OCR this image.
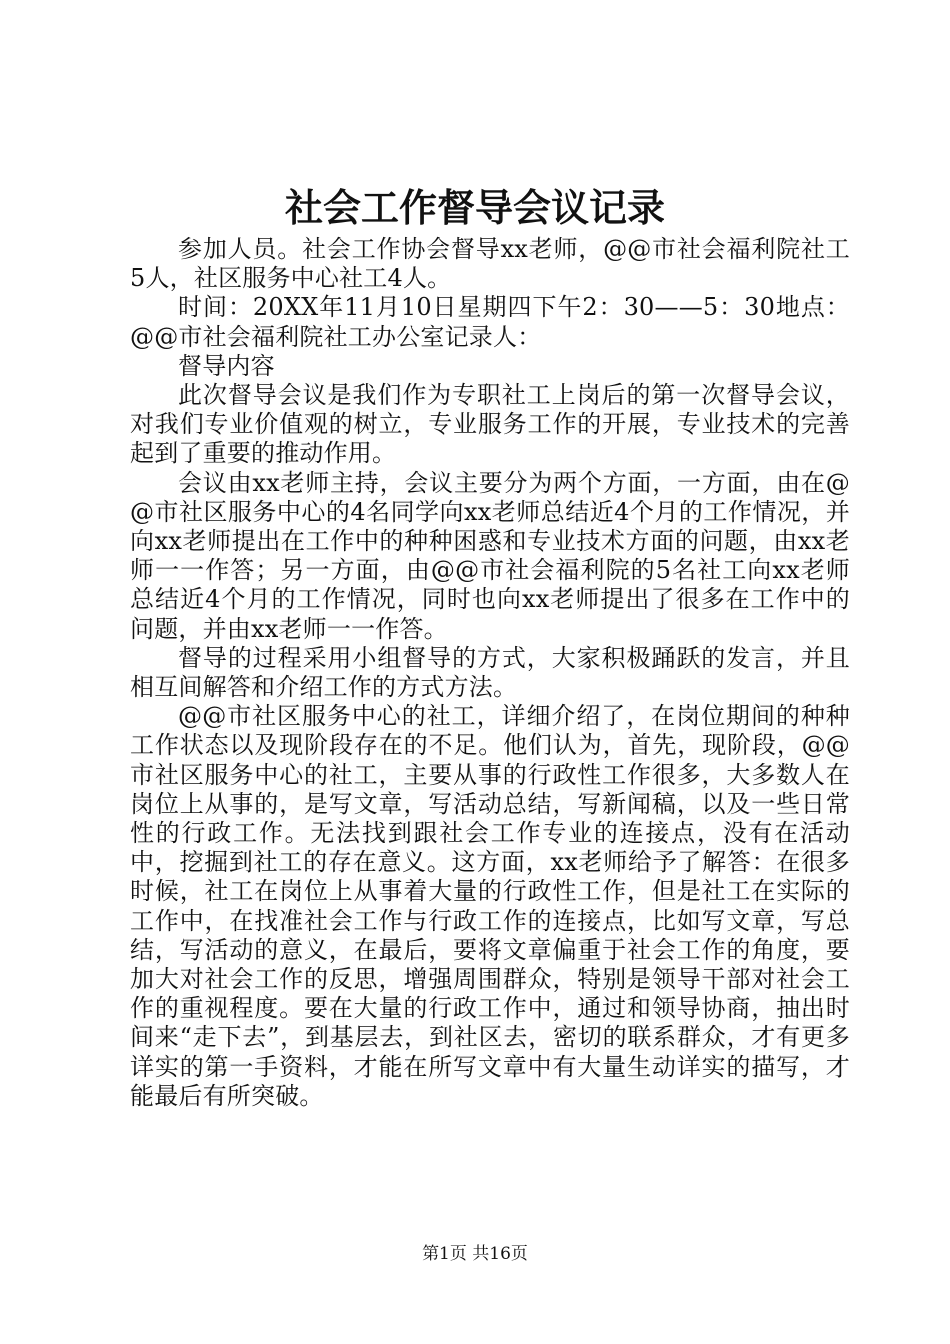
社会工作督导会议记录

参加人员。社会工作协会督导xx老师，@@市社会福利院社工5人，社区服务中心社工4人。

时间：20XX年11月10日星期四下午2：30——5：30地点：@@市社会福利院社工办公室记录人：

督导内容

此次督导会议是我们作为专职社工上岗后的第一次督导会议，对我们专业价值观的树立，专业服务工作的开展，专业技术的完善起到了重要的推动作用。

会议由xx老师主持，会议主要分为两个方面，一方面，由在@@市社区服务中心的4名同学向xx老师总结近4个月的工作情况，并向xx老师提出在工作中的种种困惑和专业技术方面的问题，由xx老师一一作答；另一方面，由@@市社会福利院的5名社工向xx老师总结近4个月的工作情况，同时也向xx老师提出了很多在工作中的问题，并由xx老师一一作答。

督导的过程采用小组督导的方式，大家积极踊跃的发言，并且相互间解答和介绍工作的方式方法。

@@市社区服务中心的社工，详细介绍了，在岗位期间的种种工作状态以及现阶段存在的不足。他们认为，首先，现阶段，@@市社区服务中心的社工，主要从事的行政性工作很多，大多数人在岗位上从事的，是写文章，写活动总结，写新闻稿，以及一些日常性的行政工作。无法找到跟社会工作专业的连接点，没有在活动中，挖掘到社工的存在意义。这方面，xx老师给予了解答：在很多时候，社工在岗位上从事着大量的行政性工作，但是社工在实际的工作中，在找准社会工作与行政工作的连接点，比如写文章，写总结，写活动的意义，在最后，要将文章偏重于社会工作的角度，要加大对社会工作的反思，增强周围群众，特别是领导干部对社会工作的重视程度。要在大量的行政工作中，通过和领导协商，抽出时间来“走下去”，到基层去，到社区去，密切的联系群众，才有更多详实的第一手资料，才能在所写文章中有大量生动详实的描写，才能最后有所突破。

第1页 共16页
